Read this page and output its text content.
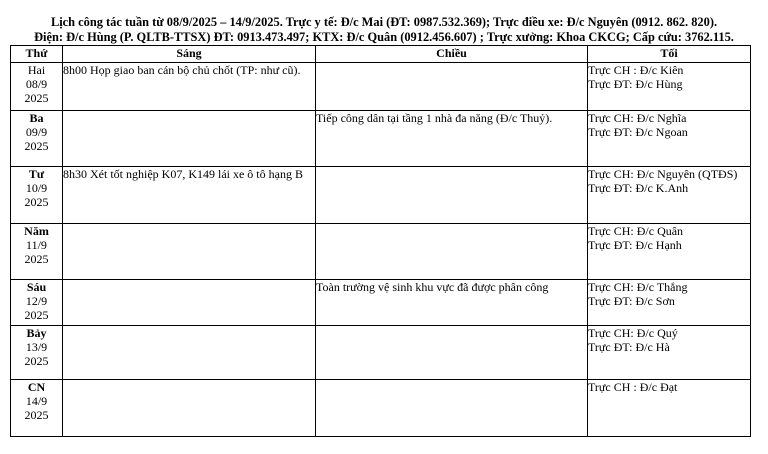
Lịch công tác tuần từ 08/9/2025 – 14/9/2025. Trực y tế: Đ/c Mai (ĐT: 0987.532.369); Trực điều xe: Đ/c Nguyên (0912. 862. 820).
Điện: Đ/c Hùng (P. QLTB-TTSX) ĐT: 0913.473.497; KTX: Đ/c Quân (0912.456.607) ; Trực xưởng: Khoa CKCG; Cấp cứu: 3762.115.
Thứ	Sáng	Chiều	Tối

Hai
08/9
2025	8h00 Họp giao ban cán bộ chủ chốt (TP: như cũ).		Trực CH : Đ/c Kiên
Trực ĐT: Đ/c Hùng

Ba
09/9
2025		Tiếp công dân tại tầng 1 nhà đa năng (Đ/c Thuỷ).	Trực CH: Đ/c Nghĩa
Trực ĐT: Đ/c Ngoan

Tư
10/9
2025	8h30 Xét tốt nghiệp K07, K149 lái xe ô tô hạng B		Trực CH: Đ/c Nguyên (QTĐS)
Trực ĐT: Đ/c K.Anh

Năm
11/9
2025			Trực CH: Đ/c Quân
Trực ĐT: Đ/c Hạnh

Sáu
12/9
2025		Toàn trường vệ sinh khu vực đã được phân công	Trực CH: Đ/c Thắng
Trực ĐT: Đ/c Sơn

Bảy
13/9
2025			Trực CH: Đ/c Quý
Trực ĐT: Đ/c Hà

CN
14/9
2025			Trực CH : Đ/c Đạt
